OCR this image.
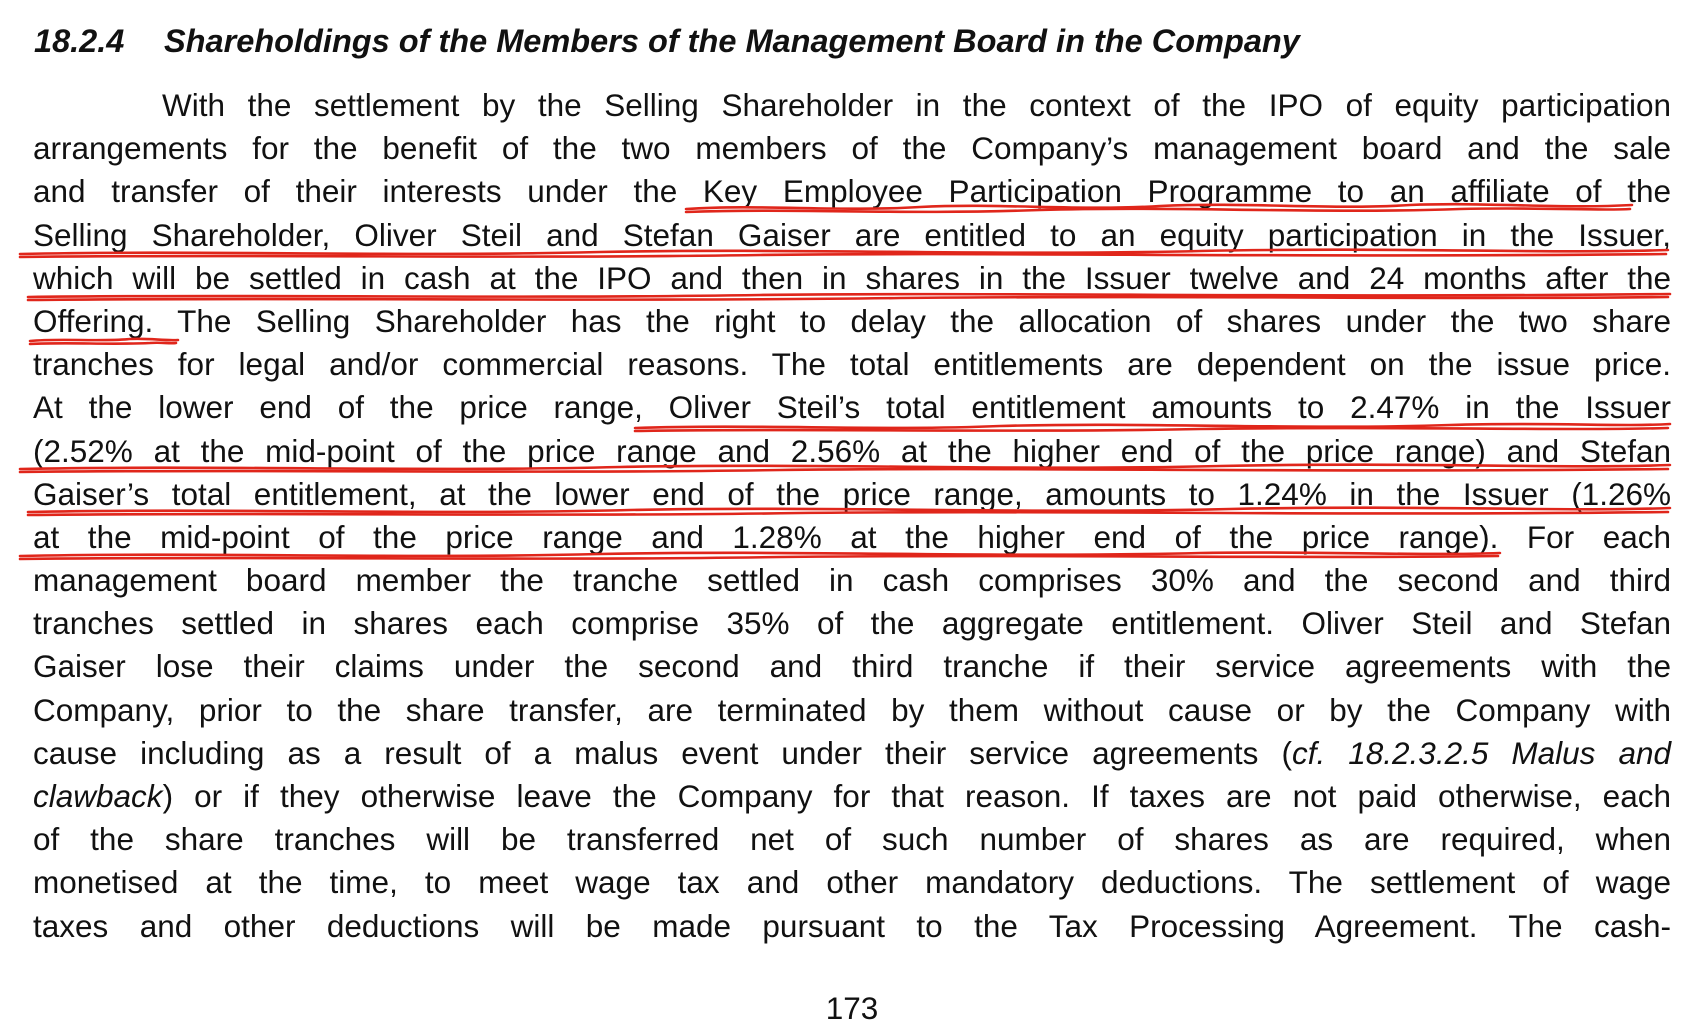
18.2.4 Shareholdings of the Members of the Management Board in the Company
With the settlement by the Selling Shareholder in the context of the IPO of equity participation
arrangements for the benefit of the two members of the Company’s management board and the sale
and transfer of their interests under the Key Employee Participation Programme to an affiliate of the
Selling Shareholder, Oliver Steil and Stefan Gaiser are entitled to an equity participation in the Issuer,
which will be settled in cash at the IPO and then in shares in the Issuer twelve and 24 months after the
Offering. The Selling Shareholder has the right to delay the allocation of shares under the two share
tranches for legal and/or commercial reasons. The total entitlements are dependent on the issue price.
At the lower end of the price range, Oliver Steil’s total entitlement amounts to 2.47% in the Issuer
(2.52% at the mid-point of the price range and 2.56% at the higher end of the price range) and Stefan
Gaiser’s total entitlement, at the lower end of the price range, amounts to 1.24% in the Issuer (1.26%
at the mid-point of the price range and 1.28% at the higher end of the price range). For each
management board member the tranche settled in cash comprises 30% and the second and third
tranches settled in shares each comprise 35% of the aggregate entitlement. Oliver Steil and Stefan
Gaiser lose their claims under the second and third tranche if their service agreements with the
Company, prior to the share transfer, are terminated by them without cause or by the Company with
cause including as a result of a malus event under their service agreements (cf. 18.2.3.2.5 Malus and
clawback) or if they otherwise leave the Company for that reason. If taxes are not paid otherwise, each
of the share tranches will be transferred net of such number of shares as are required, when
monetised at the time, to meet wage tax and other mandatory deductions. The settlement of wage
taxes and other deductions will be made pursuant to the Tax Processing Agreement. The cash-
173
